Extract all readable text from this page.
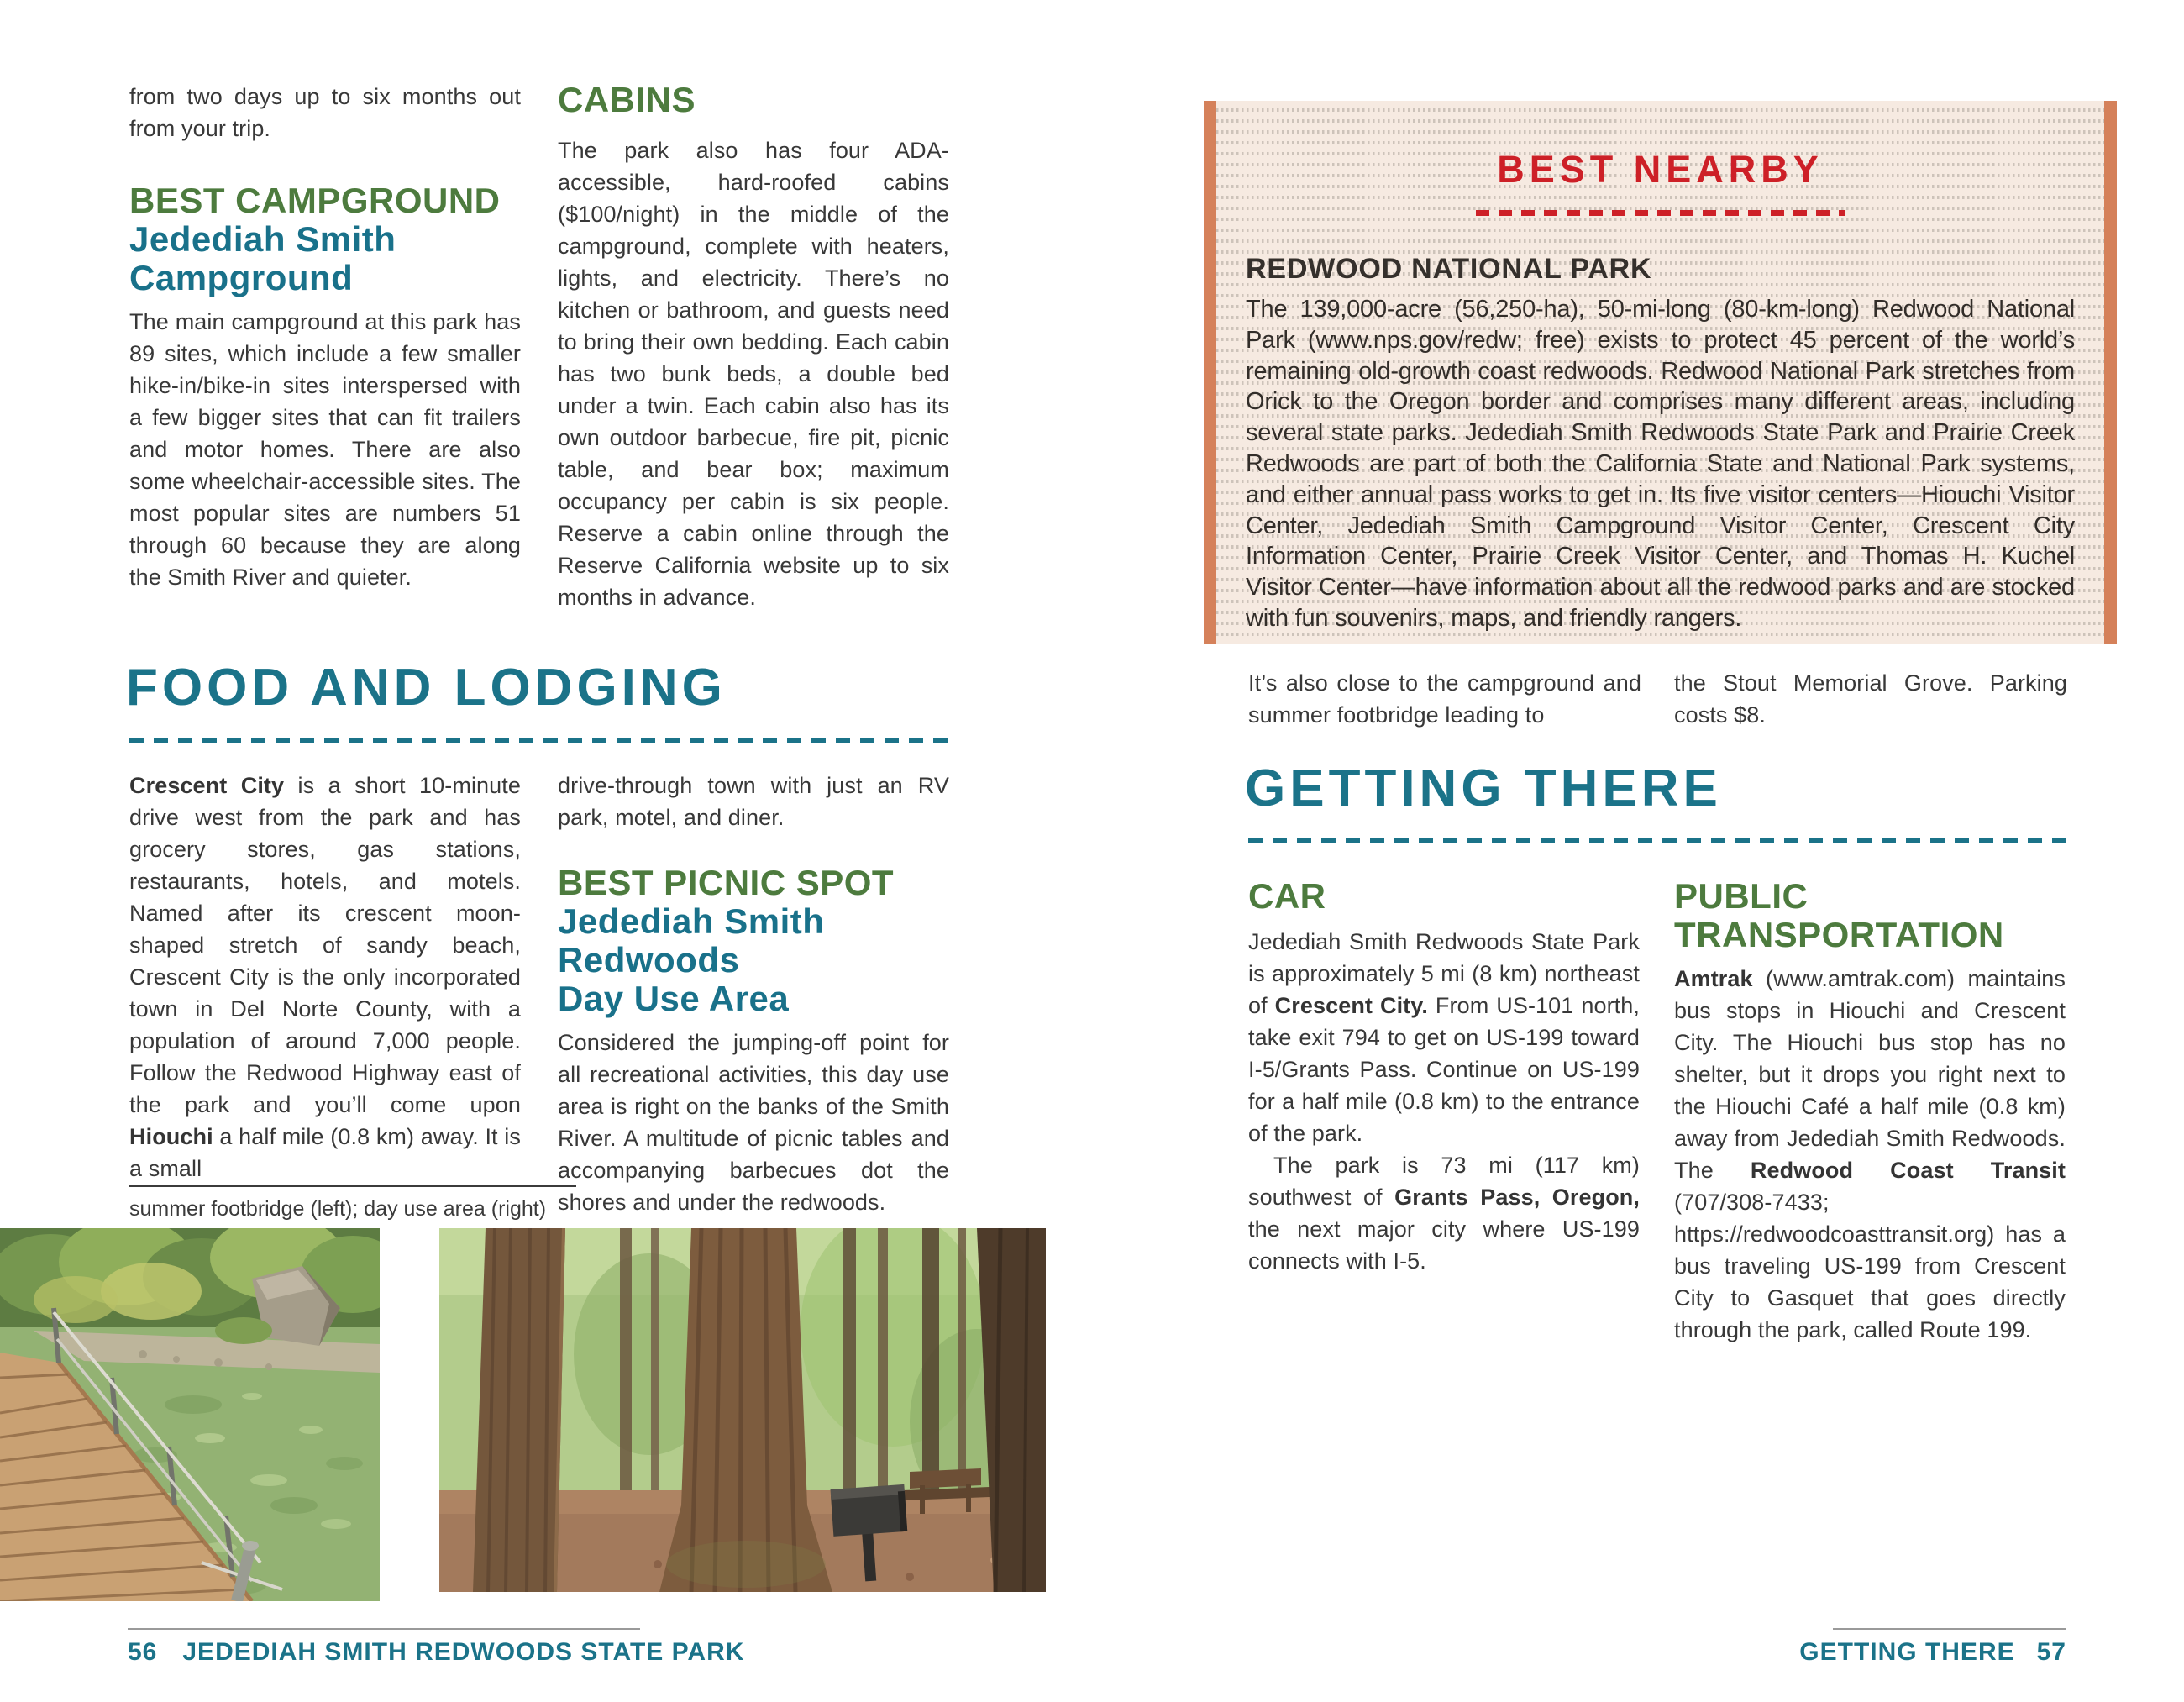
from two days up to six months out from your trip.
BEST CAMPGROUND
Jedediah Smith
Campground
The main campground at this park has 89 sites, which include a few smaller hike-in/bike-in sites interspersed with a few bigger sites that can fit trailers and motor homes. There are also some wheelchair-accessible sites. The most popular sites are numbers 51 through 60 because they are along the Smith River and quieter.
CABINS
The park also has four ADA-accessible, hard-roofed cabins ($100/night) in the middle of the campground, complete with heaters, lights, and electricity. There’s no kitchen or bathroom, and guests need to bring their own bedding. Each cabin has two bunk beds, a double bed under a twin. Each cabin also has its own outdoor barbecue, fire pit, picnic table, and bear box; maximum occupancy per cabin is six people. Reserve a cabin online through the Reserve California website up to six months in advance.
FOOD AND LODGING
Crescent City is a short 10-minute drive west from the park and has grocery stores, gas stations, restaurants, hotels, and motels. Named after its crescent moon-shaped stretch of sandy beach, Crescent City is the only incorporated town in Del Norte County, with a population of around 7,000 people. Follow the Redwood Highway east of the park and you’ll come upon Hiouchi a half mile (0.8 km) away. It is a small
drive-through town with just an RV park, motel, and diner.
BEST PICNIC SPOT
Jedediah Smith Redwoods
Day Use Area
Considered the jumping-off point for all recreational activities, this day use area is right on the banks of the Smith River. A multitude of picnic tables and accompanying barbecues dot the shores and under the redwoods.
summer footbridge (left); day use area (right)
56 JEDEDIAH SMITH REDWOODS STATE PARK
BEST NEARBY
REDWOOD NATIONAL PARK
The 139,000-acre (56,250-ha), 50-mi-long (80-km-long) Redwood National Park (www.nps.gov/redw; free) exists to protect 45 percent of the world’s remaining old-growth coast redwoods. Redwood National Park stretches from Orick to the Oregon border and comprises many different areas, including several state parks. Jedediah Smith Redwoods State Park and Prairie Creek Redwoods are part of both the California State and National Park systems, and either annual pass works to get in. Its five visitor centers—Hiouchi Visitor Center, Jedediah Smith Campground Visitor Center, Crescent City Information Center, Prairie Creek Visitor Center, and Thomas H. Kuchel Visitor Center—have information about all the redwood parks and are stocked with fun souvenirs, maps, and friendly rangers.
It’s also close to the campground and summer footbridge leading to
the Stout Memorial Grove. Parking costs $8.
GETTING THERE
CAR
Jedediah Smith Redwoods State Park is approximately 5 mi (8 km) northeast of Crescent City. From US-101 north, take exit 794 to get on US-199 toward I-5/Grants Pass. Continue on US-199 for a half mile (0.8 km) to the entrance of the park.
The park is 73 mi (117 km) southwest of Grants Pass, Oregon, the next major city where US-199 connects with I-5.
PUBLIC
TRANSPORTATION
Amtrak (www.amtrak.com) maintains bus stops in Hiouchi and Crescent City. The Hiouchi bus stop has no shelter, but it drops you right next to the Hiouchi Café a half mile (0.8 km) away from Jedediah Smith Redwoods. The Redwood Coast Transit (707/308-7433; https://redwoodcoasttransit.org) has a bus traveling US-199 from Crescent City to Gasquet that goes directly through the park, called Route 199.
GETTING THERE 57
